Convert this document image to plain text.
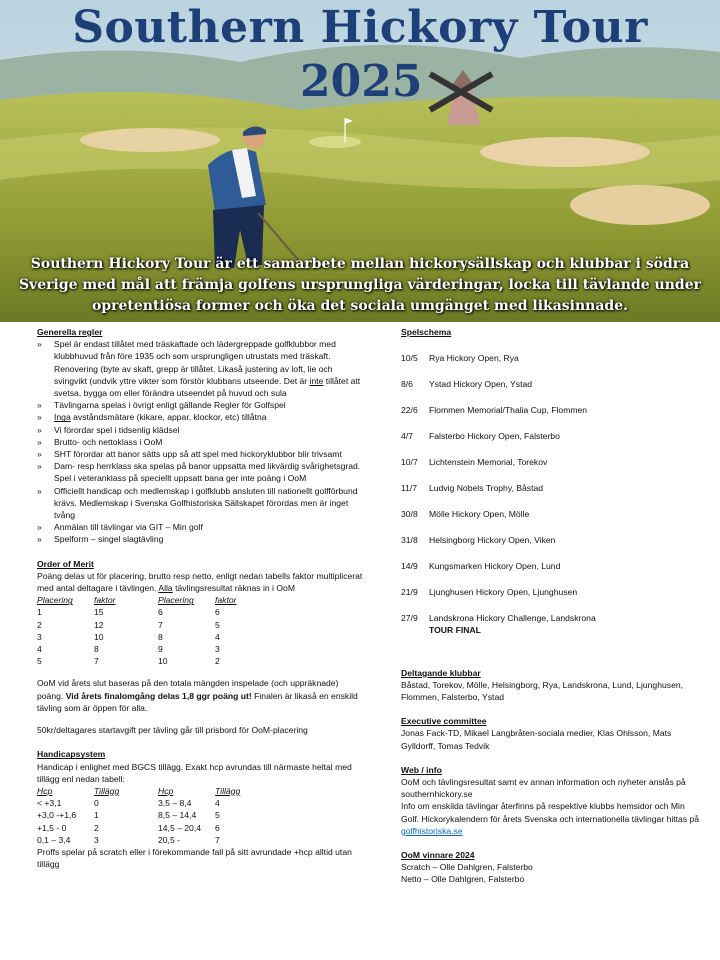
Southern Hickory Tour
2025
Southern Hickory Tour är ett samarbete mellan hickorysällskap och klubbar i södra Sverige med mål att främja golfens ursprungliga värderingar, locka till tävlande under opretentiösa former och öka det sociala umgänget med likasinnade.

Generella regler

» Spel är endast tillåtet med träskaftade och lädergreppade golfklubbor med klubbhuvud från före 1935 och som ursprungligen utrustats med träskaft. Renovering (byte av skaft, grepp är tillåtet. Likaså justering av loft, lie och svingvikt (undvik yttre vikter som förstör klubbans utseende. Det är inte tillåtet att svetsa, bygga om eller förändra utseendet på huvud och sula
» Tävlingarna spelas i övrigt enligt gällande Regler för Golfspel
» Inga avståndsmätare (kikare, appar, klockor, etc) tillåtna
» Vi förordar spel i tidsenlig klädsel
» Brutto- och nettoklass i OoM
» SHT förordar att banor sätts upp så att spel med hickoryklubbor blir trivsamt
» Dam- resp herrklass ska spelas på banor uppsatta med likvärdig svårighetsgrad. Spel i veteranklass på speciellt uppsatt bana ger inte poäng i OoM
» Officiellt handicap och medlemskap i golfklubb ansluten till nationellt golfförbund krävs. Medlemskap i Svenska Golfhistoriska Sällskapet förordas men är inget tvång
» Anmälan till tävlingar via GIT – Min golf
» Spelform – singel slagtävling

Order of Merit

Poäng delas ut för placering, brutto resp netto, enligt nedan tabells faktor multiplicerat med antal deltagare i tävlingen. Alla tävlingsresultat räknas in i OoM
Placering	faktor	Placering	faktor
1	15	6	6
2	12	7	5
3	10	8	4
4	8	9	3
5	7	10	2
OoM vid årets slut baseras på den totala mängden inspelade (och uppräknade) poäng. Vid årets finalomgång delas 1,8 ggr poäng ut! Finalen är likaså en enskild tävling som är öppen för alla.
50kr/deltagares startavgift per tävling går till prisbord för OoM-placering

Handicapsystem

Handicap i enlighet med BGCS tillägg. Exakt hcp avrundas till närmaste heltal med tillägg enl nedan tabell:
Hcp	Tillägg	Hcp	Tillägg
< +3,1	0	3,5 – 8,4	4
+3,0 -+1,6	1	8,5 – 14,4	5
+1,5 - 0	2	14,5 – 20,4	6
0,1 – 3,4	3	20,5 -	7
Proffs spelar på scratch eller i förekommande fall på sitt avrundade +hcp alltid utan tillägg

Spelschema

10/5	Rya Hickory Open, Rya
8/6	Ystad Hickory Open, Ystad
22/6	Flommen Memorial/Thalia Cup, Flommen
4/7	Falsterbo Hickory Open, Falsterbo
10/7	Lichtenstein Memorial, Torekov
11/7	Ludvig Nobels Trophy, Båstad
30/8	Mölle Hickory Open, Mölle
31/8	Helsingborg Hickory Open, Viken
14/9	Kungsmarken Hickory Open, Lund
21/9	Ljunghusen Hickory Open, Ljunghusen
27/9	Landskrona Hickory Challenge, Landskrona
TOUR FINAL

Deltagande klubbar

Båstad, Torekov, Mölle, Helsingborg, Rya, Landskrona, Lund, Ljunghusen, Flommen, Falsterbo, Ystad

Executive committee

Jonas Fack-TD, Mikael Langbråten-sociala medier, Klas Ohlsson, Mats Gylldorff, Tomas Tedvik

Web / info

OoM och tävlingsresultat samt ev annan information och nyheter anslås på southernhickory.se
Info om enskilda tävlingar återfinns på respektive klubbs hemsidor och Min Golf. Hickorykalendern för årets Svenska och internationella tävlingar hittas på golfhistoriska.se

OoM vinnare 2024

Scratch – Olle Dahlgren, Falsterbo
Netto – Olle Dahlgren, Falsterbo
